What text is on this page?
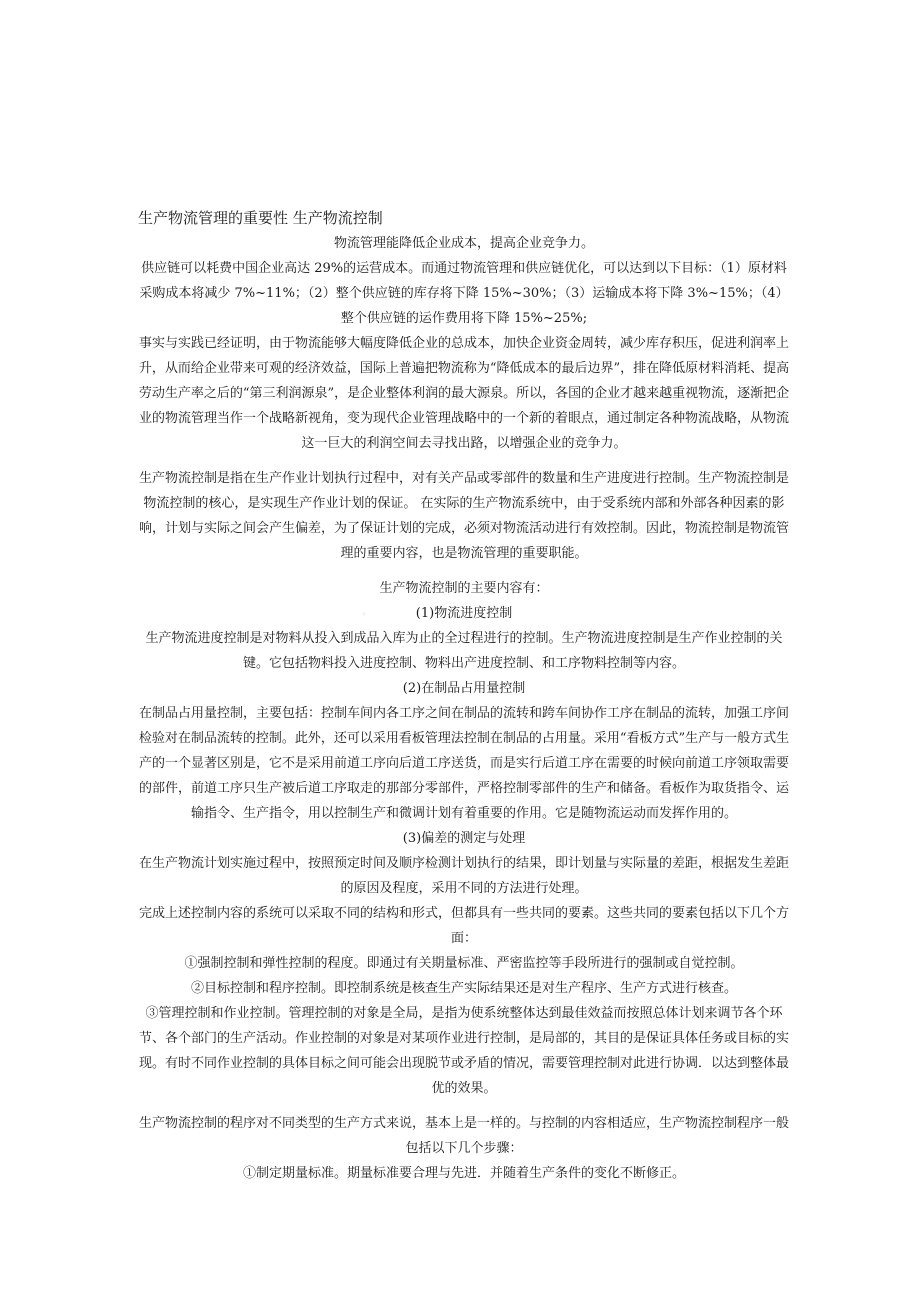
·
生产物流管理的重要性 生产物流控制

物流管理能降低企业成本，提高企业竞争力。

供应链可以耗费中国企业高达 29%的运营成本。而通过物流管理和供应链优化，可以达到以下目标：（1）原材料采购成本将减少 7%~11%；（2）整个供应链的库存将下降 15%~30%；（3）运输成本将下降 3%~15%；（4）整个供应链的运作费用将下降 15%~25%;

事实与实践已经证明，由于物流能够大幅度降低企业的总成本，加快企业资金周转，减少库存积压，促进利润率上升，从而给企业带来可观的经济效益，国际上普遍把物流称为“降低成本的最后边界”，排在降低原材料消耗、提高劳动生产率之后的“第三利润源泉”，是企业整体利润的最大源泉。所以，各国的企业才越来越重视物流，逐渐把企业的物流管理当作一个战略新视角，变为现代企业管理战略中的一个新的着眼点，通过制定各种物流战略，从物流这一巨大的利润空间去寻找出路，以增强企业的竞争力。

生产物流控制是指在生产作业计划执行过程中，对有关产品或零部件的数量和生产进度进行控制。生产物流控制是物流控制的核心，是实现生产作业计划的保证。 在实际的生产物流系统中，由于受系统内部和外部各种因素的影响，计划与实际之间会产生偏差，为了保证计划的完成，必须对物流活动进行有效控制。因此，物流控制是物流管理的重要内容，也是物流管理的重要职能。

生产物流控制的主要内容有：

(1)物流进度控制

生产物流进度控制是对物料从投入到成品入库为止的全过程进行的控制。生产物流进度控制是生产作业控制的关键。它包括物料投入进度控制、物料出产进度控制、和工序物料控制等内容。

(2)在制品占用量控制

在制品占用量控制，主要包括：控制车间内各工序之间在制品的流转和跨车间协作工序在制品的流转，加强工序间检验对在制品流转的控制。此外，还可以采用看板管理法控制在制品的占用量。采用“看板方式”生产与一般方式生产的一个显著区别是，它不是采用前道工序向后道工序送货，而是实行后道工序在需要的时候向前道工序领取需要的部件，前道工序只生产被后道工序取走的那部分零部件，严格控制零部件的生产和储备。看板作为取货指令、运输指令、生产指令，用以控制生产和微调计划有着重要的作用。它是随物流运动而发挥作用的。

(3)偏差的测定与处理

在生产物流计划实施过程中，按照预定时间及顺序检测计划执行的结果，即计划量与实际量的差距，根据发生差距的原因及程度，采用不同的方法进行处理。

完成上述控制内容的系统可以采取不同的结构和形式，但都具有一些共同的要素。这些共同的要素包括以下几个方面：

①强制控制和弹性控制的程度。即通过有关期量标准、严密监控等手段所进行的强制或自觉控制。

②目标控制和程序控制。即控制系统是核查生产实际结果还是对生产程序、生产方式进行核查。

③管理控制和作业控制。管理控制的对象是全局，是指为使系统整体达到最佳效益而按照总体计划来调节各个环节、各个部门的生产活动。作业控制的对象是对某项作业进行控制，是局部的，其目的是保证具体任务或目标的实现。有时不同作业控制的具体目标之间可能会出现脱节或矛盾的情况，需要管理控制对此进行协调．以达到整体最优的效果。

生产物流控制的程序对不同类型的生产方式来说，基本上是一样的。与控制的内容相适应，生产物流控制程序一般包括以下几个步骤：

①制定期量标准。期量标准要合理与先进．并随着生产条件的变化不断修正。
